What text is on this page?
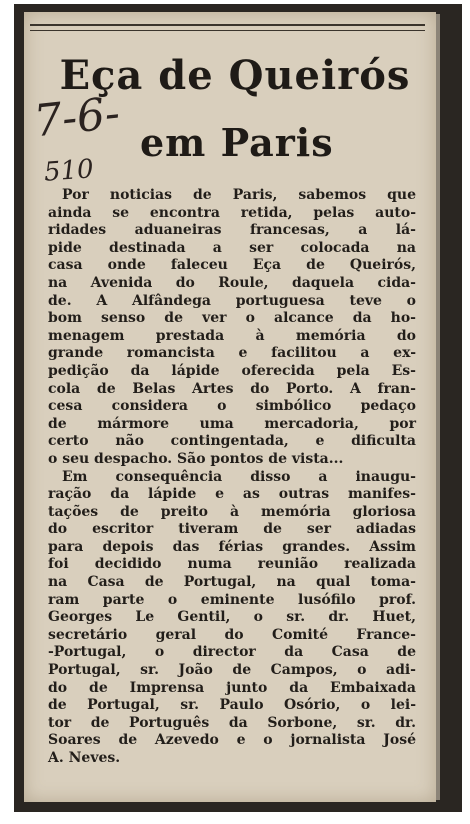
Eça de Queirós
7-6- em Paris
510
Por noticias de Paris, sabemos que
ainda se encontra retida, pelas auto-
ridades aduaneiras francesas, a lá-
pide destinada a ser colocada na
casa onde faleceu Eça de Queirós,
na Avenida do Roule, daquela cida-
de. A Alfândega portuguesa teve o
bom senso de ver o alcance da ho-
menagem prestada à memória do
grande romancista e facilitou a ex-
pedição da lápide oferecida pela Es-
cola de Belas Artes do Porto. A fran-
cesa considera o simbólico pedaço
de mármore uma mercadoria, por
certo não contingentada, e dificulta
o seu despacho. São pontos de vista...
Em consequência disso a inaugu-
ração da lápide e as outras manifes-
tações de preito à memória gloriosa
do escritor tiveram de ser adiadas
para depois das férias grandes. Assim
foi decidido numa reunião realizada
na Casa de Portugal, na qual toma-
ram parte o eminente lusófilo prof.
Georges Le Gentil, o sr. dr. Huet,
secretário geral do Comité France-
-Portugal, o director da Casa de
Portugal, sr. João de Campos, o adi-
do de Imprensa junto da Embaixada
de Portugal, sr. Paulo Osório, o lei-
tor de Português da Sorbone, sr. dr.
Soares de Azevedo e o jornalista José
A. Neves.
